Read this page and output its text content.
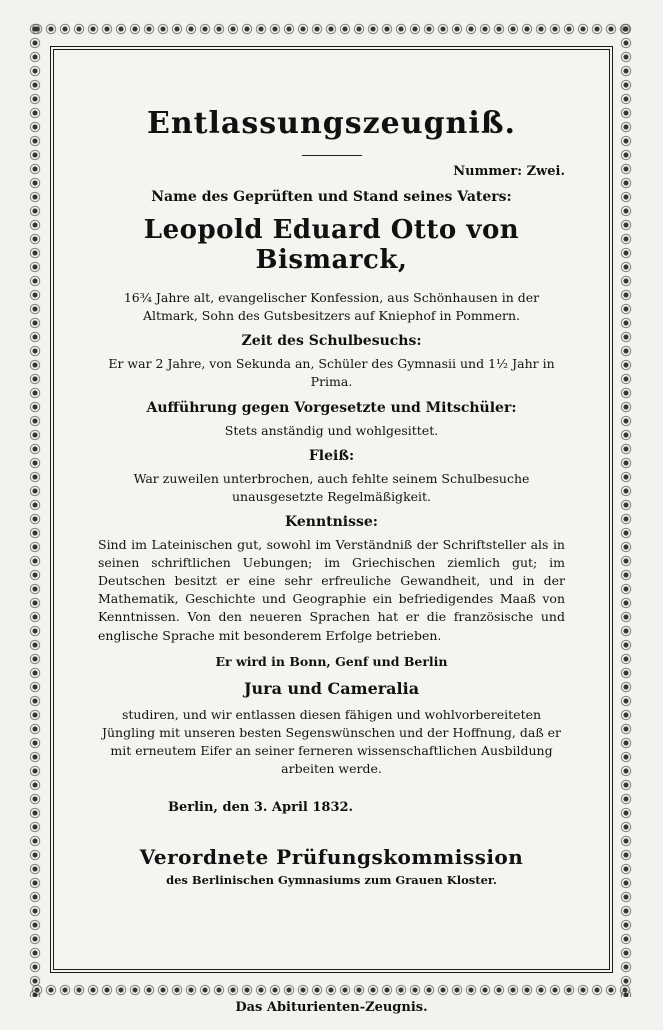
Entlassungszeugniß.
Nummer: Zwei.
Name des Geprüften und Stand seines Vaters:
Leopold Eduard Otto von Bismarck,
16¾ Jahre alt, evangelischer Konfession, aus Schönhausen in der Altmark, Sohn des Gutsbesitzers auf Kniephof in Pommern.
Zeit des Schulbesuchs:
Er war 2 Jahre, von Sekunda an, Schüler des Gymnasii und 1½ Jahr in Prima.
Aufführung gegen Vorgesetzte und Mitschüler:
Stets anständig und wohlgesittet.
Fleiß:
War zuweilen unterbrochen, auch fehlte seinem Schulbesuche unausgesetzte Regelmäßigkeit.
Kenntnisse:
Sind im Lateinischen gut, sowohl im Verständniß der Schriftsteller als in seinen schriftlichen Uebungen; im Griechischen ziemlich gut; im Deutschen besitzt er eine sehr erfreuliche Gewandheit, und in der Mathematik, Geschichte und Geographie ein befriedigendes Maaß von Kenntnissen. Von den neueren Sprachen hat er die französische und englische Sprache mit besonderem Erfolge betrieben.
Er wird in Bonn, Genf und Berlin
Jura und Cameralia
studiren, und wir entlassen diesen fähigen und wohlvorbereiteten Jüngling mit unseren besten Segenswünschen und der Hoffnung, daß er mit erneutem Eifer an seiner ferneren wissenschaftlichen Ausbildung arbeiten werde.
Berlin, den 3. April 1832.
Verordnete Prüfungskommission
des Berlinischen Gymnasiums zum Grauen Kloster.
Das Abiturienten-Zeugnis.
